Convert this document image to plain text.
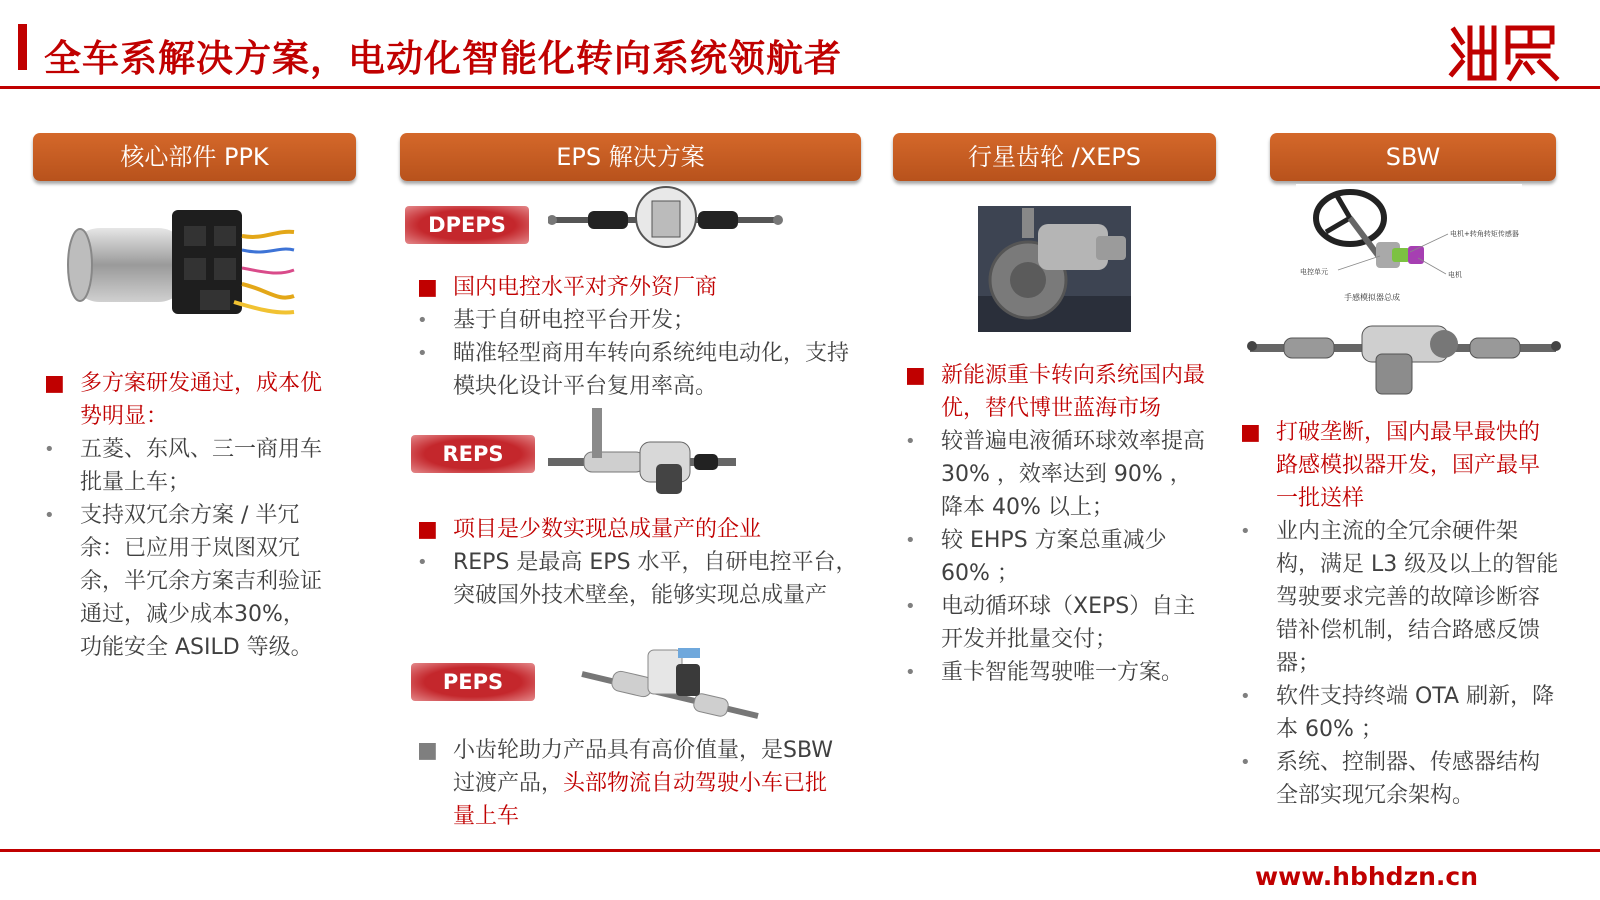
全车系解决方案，电动化智能化转向系统领航者
核心部件 PPK	EPS 解决方案	行星齿轮 /XEPS	SBW
■ 多方案研发通过，成本优势明显：
•	五菱、东风、三一商用车批量上车；
•	支持双冗余方案 / 半冗余：已应用于岚图双冗余，半冗余方案吉利验证通过，减少成本30%，功能安全 ASILD 等级。
DPEPS
■ 国内电控水平对齐外资厂商
•	基于自研电控平台开发；
•	瞄准轻型商用车转向系统纯电动化，支持模块化设计平台复用率高。
REPS
■ 项目是少数实现总成量产的企业
•	REPS 是最高 EPS 水平，自研电控平台，突破国外技术壁垒，能够实现总成量产
PEPS
■ 小齿轮助力产品具有高价值量，是SBW 过渡产品，头部物流自动驾驶小车已批量上车
■ 新能源重卡转向系统国内最优，替代博世蓝海市场
•	较普遍电液循环球效率提高 30% ，效率达到 90% ，降本 40% 以上；
•	较 EHPS 方案总重减少 60% ；
•	电动循环球（XEPS）自主开发并批量交付；
•	重卡智能驾驶唯一方案。
电机+转角转矩传感器
电控单元	电机
手感模拟器总成
■ 打破垄断，国内最早最快的路感模拟器开发，国产最早一批送样
•	业内主流的全冗余硬件架构，满足 L3 级及以上的智能驾驶要求完善的故障诊断容错补偿机制，结合路感反馈器；
•	软件支持终端 OTA 刷新，降本 60% ；
•	系统、控制器、传感器结构全部实现冗余架构。
www.hbhdzn.cn
